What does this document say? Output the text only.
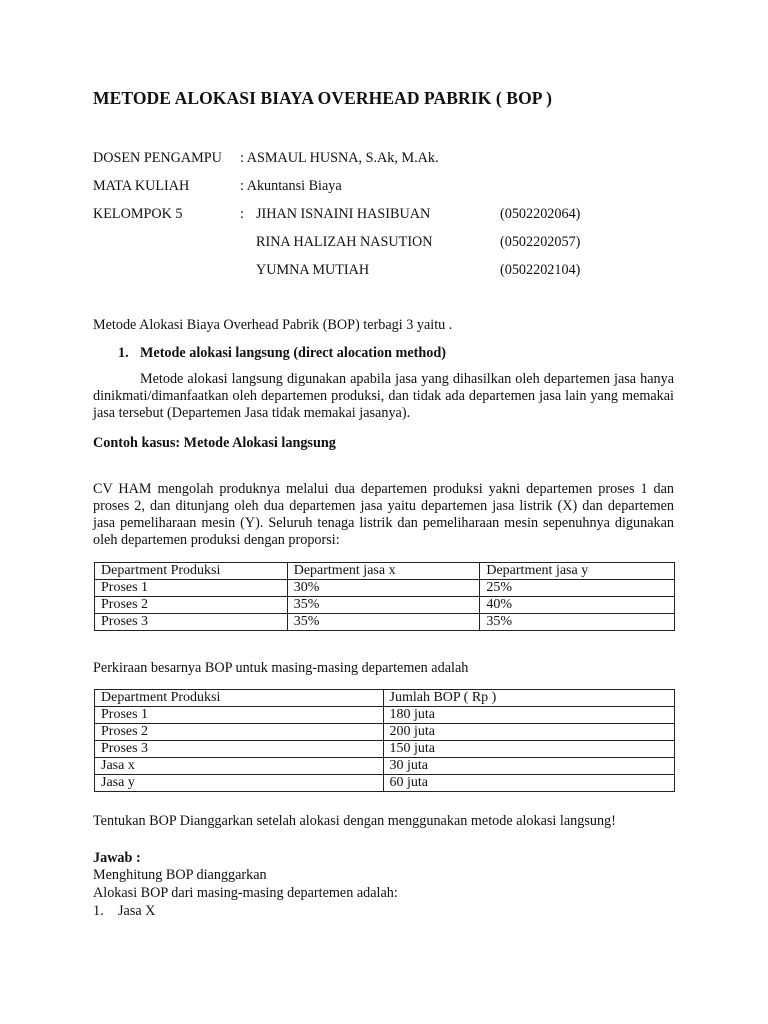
METODE ALOKASI BIAYA OVERHEAD PABRIK ( BOP )
DOSEN PENGAMPU : ASMAUL HUSNA, S.Ak, M.Ak.
MATA KULIAH	: Akuntansi Biaya
KELOMPOK 5	: JIHAN ISNAINI HASIBUAN	(0502202064)
RINA HALIZAH NASUTION	(0502202057)
YUMNA MUTIAH	(0502202104)
Metode Alokasi Biaya Overhead Pabrik (BOP) terbagi 3 yaitu .
1. Metode alokasi langsung (direct alocation method)
Metode alokasi langsung digunakan apabila jasa yang dihasilkan oleh departemen jasa hanya dinikmati/dimanfaatkan oleh departemen produksi, dan tidak ada departemen jasa lain yang memakai jasa tersebut (Departemen Jasa tidak memakai jasanya).
Contoh kasus: Metode Alokasi langsung
CV HAM mengolah produknya melalui dua departemen produksi yakni departemen proses 1 dan proses 2, dan ditunjang oleh dua departemen jasa yaitu departemen jasa listrik (X) dan departemen jasa pemeliharaan mesin (Y). Seluruh tenaga listrik dan pemeliharaan mesin sepenuhnya digunakan oleh departemen produksi dengan proporsi:
Department Produksi	Department jasa x	Department jasa y
Proses 1	30%	25%
Proses 2	35%	40%
Proses 3	35%	35%
Perkiraan besarnya BOP untuk masing-masing departemen adalah
Department Produksi	Jumlah BOP ( Rp )
Proses 1	180 juta
Proses 2	200 juta
Proses 3	150 juta
Jasa x	30 juta
Jasa y	60 juta
Tentukan BOP Dianggarkan setelah alokasi dengan menggunakan metode alokasi langsung!
Jawab :
Menghitung BOP dianggarkan
Alokasi BOP dari masing-masing departemen adalah:
1. Jasa X
